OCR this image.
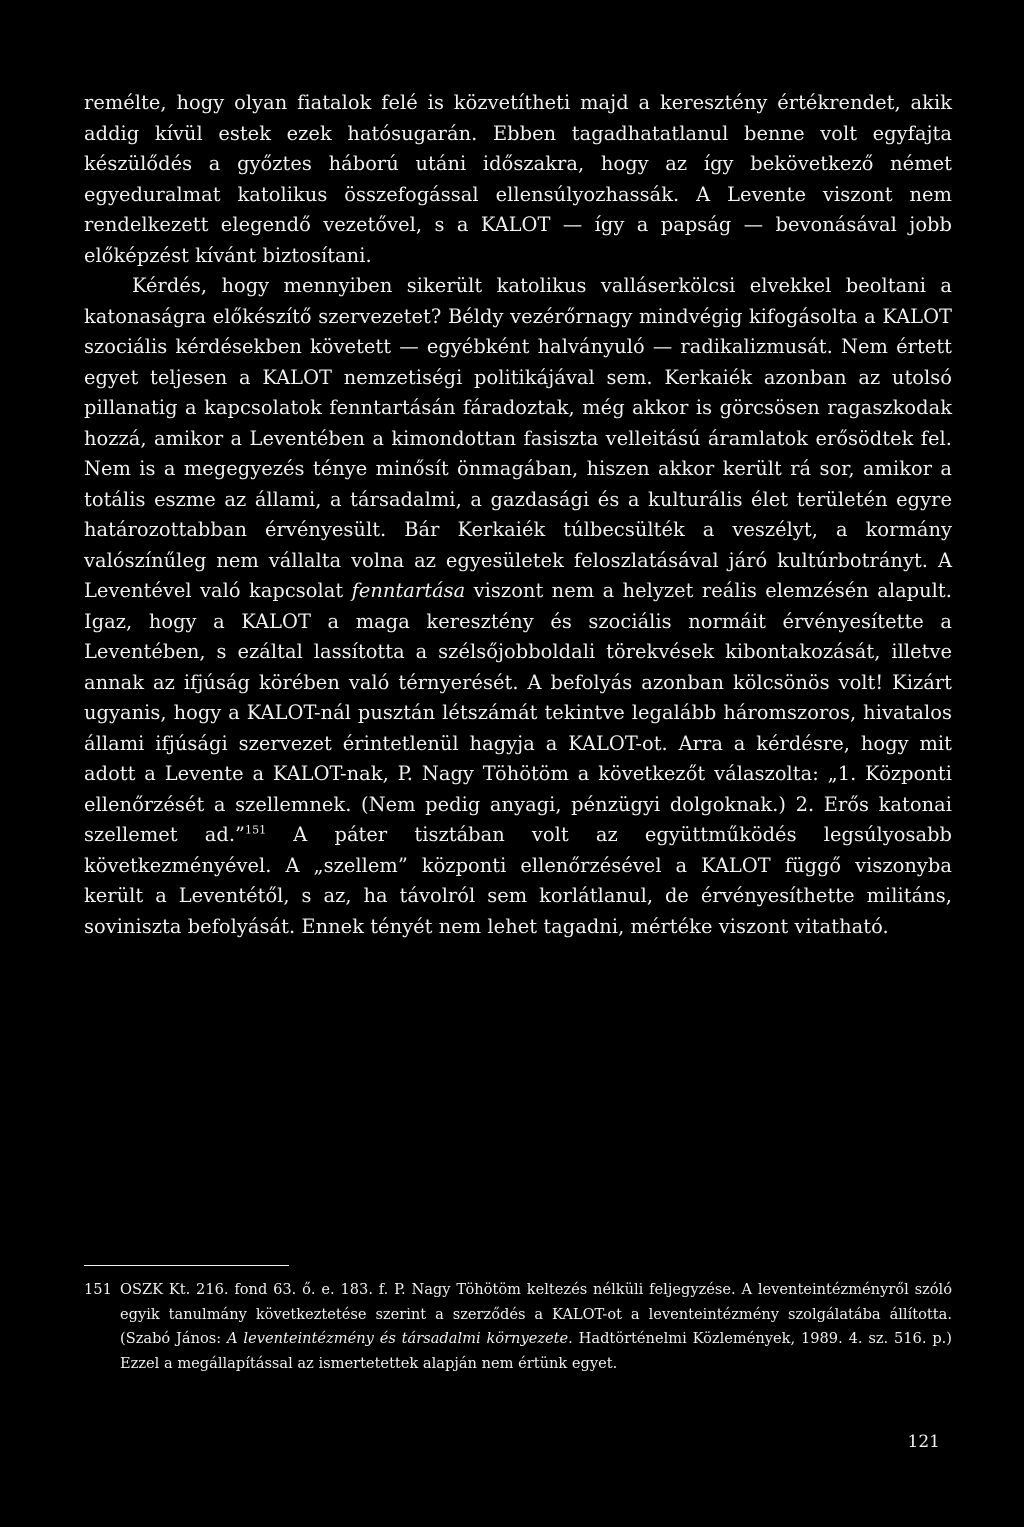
remélte, hogy olyan fiatalok felé is közvetítheti majd a keresztény értékrendet, akik addig kívül estek ezek hatósugarán. Ebben tagadhatatlanul benne volt egyfajta készülődés a győztes háború utáni időszakra, hogy az így bekövetkező német egyeduralmat katolikus összefogással ellensúlyozhassák. A Levente viszont nem rendelkezett elegendő vezetővel, s a KALOT — így a papság — bevonásával jobb előképzést kívánt biztosítani.

Kérdés, hogy mennyiben sikerült katolikus valláserkölcsi elvekkel beoltani a katonaságra előkészítő szervezetet? Béldy vezérőrnagy mindvégig kifogásolta a KALOT szociális kérdésekben követett — egyébként halványuló — radikalizmusát. Nem értett egyet teljesen a KALOT nemzetiségi politikájával sem. Kerkaiék azonban az utolsó pillanatig a kapcsolatok fenntartásán fáradoztak, még akkor is görcsösen ragaszkodak hozzá, amikor a Leventében a kimondottan fasiszta velleitású áramlatok erősödtek fel. Nem is a megegyezés ténye minősít önmagában, hiszen akkor került rá sor, amikor a totális eszme az állami, a társadalmi, a gazdasági és a kulturális élet területén egyre határozottabban érvényesült. Bár Kerkaiék túlbecsülték a veszélyt, a kormány valószínűleg nem vállalta volna az egyesületek feloszlatásával járó kultúrbotrányt. A Leventével való kapcsolat fenntartása viszont nem a helyzet reális elemzésén alapult. Igaz, hogy a KALOT a maga keresztény és szociális normáit érvényesítette a Leventében, s ezáltal lassította a szélsőjobboldali törekvések kibontakozását, illetve annak az ifjúság körében való térnyerését. A befolyás azonban kölcsönös volt! Kizárt ugyanis, hogy a KALOT-nál pusztán létszámát tekintve legalább háromszoros, hivatalos állami ifjúsági szervezet érintetlenül hagyja a KALOT-ot. Arra a kérdésre, hogy mit adott a Levente a KALOT-nak, P. Nagy Töhötöm a következőt válaszolta: „1. Központi ellenőrzését a szellemnek. (Nem pedig anyagi, pénzügyi dolgoknak.) 2. Erős katonai szellemet ad.”$^{151}$ A páter tisztában volt az együttműködés legsúlyosabb következményével. A „szellem” központi ellenőrzésével a KALOT függő viszonyba került a Leventétől, s az, ha távolról sem korlátlanul, de érvényesíthette militáns, soviniszta befolyását. Ennek tényét nem lehet tagadni, mértéke viszont vitatható.

151 OSZK Kt. 216. fond 63. ő. e. 183. f. P. Nagy Töhötöm keltezés nélküli feljegyzése. A leventeintézményről szóló egyik tanulmány következtetése szerint a szerződés a KALOT-ot a leventeintézmény szolgálatába állította. (Szabó János: A leventeintézmény és társadalmi környezete. Hadtörténelmi Közlemények, 1989. 4. sz. 516. p.) Ezzel a megállapítással az ismertetettek alapján nem értünk egyet.
121
